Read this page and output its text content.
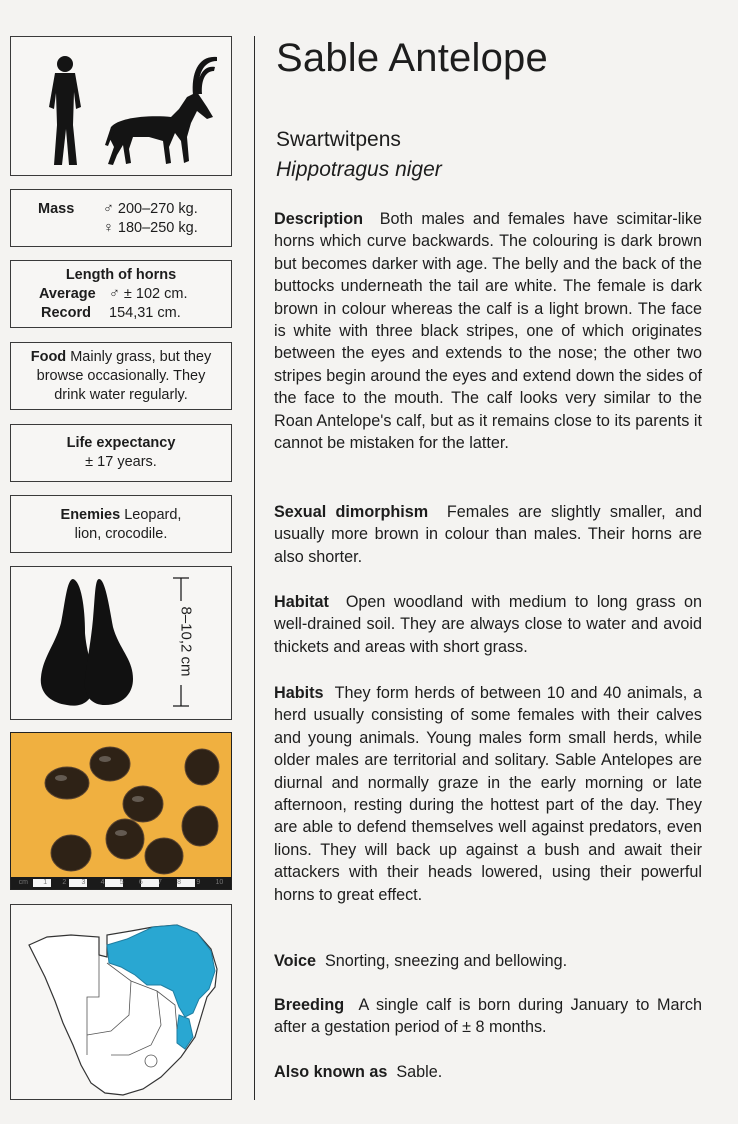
Mass ♂ 200–270 kg.
♀ 180–250 kg.
Length of horns
Average ♂ ± 102 cm.
Record 154,31 cm.
Food Mainly grass, but they
browse occasionally. They
drink water regularly.
Life expectancy
± 17 years.
Enemies Leopard,
lion, crocodile.
8–10,2 cm
cm 1 2 3 4 5 6 7 8 9 10
Sable Antelope
Swartwitpens
Hippotragus niger
Description Both males and females have scimitar-like horns which curve backwards. The colouring is dark brown but becomes darker with age. The belly and the back of the buttocks underneath the tail are white. The female is dark brown in colour whereas the calf is a light brown. The face is white with three black stripes, one of which originates between the eyes and extends to the nose; the other two stripes begin around the eyes and extend down the sides of the face to the mouth. The calf looks very similar to the Roan Antelope's calf, but as it remains close to its parents it cannot be mistaken for the latter.
Sexual dimorphism Females are slightly smaller, and usually more brown in colour than males. Their horns are also shorter.
Habitat Open woodland with medium to long grass on well-drained soil. They are always close to water and avoid thickets and areas with short grass.
Habits They form herds of between 10 and 40 animals, a herd usually consisting of some females with their calves and young animals. Young males form small herds, while older males are territorial and solitary. Sable Antelopes are diurnal and normally graze in the early morning or late afternoon, resting during the hottest part of the day. They are able to defend themselves well against predators, even lions. They will back up against a bush and await their attackers with their heads lowered, using their powerful horns to great effect.
Voice Snorting, sneezing and bellowing.
Breeding A single calf is born during January to March after a gestation period of ± 8 months.
Also known as Sable.
